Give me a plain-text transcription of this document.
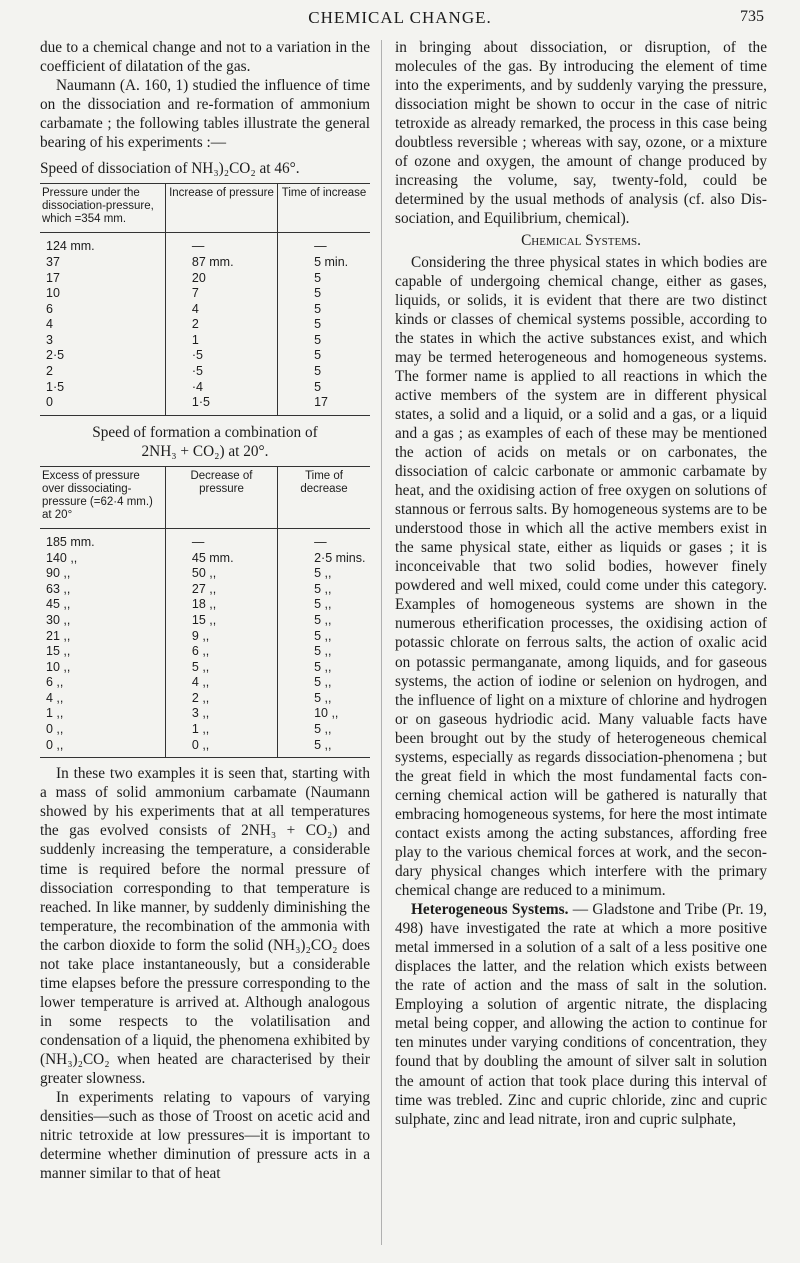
CHEMICAL CHANGE.	735

due to a chemical change and not to a variation in the coefficient of dilatation of the gas.

Naumann (A. 160, 1) studied the influence of time on the dissociation and re-formation of ammonium carbamate ; the following tables illustrate the general bearing of his experiments :—

Speed of dissociation of NH₃)₂CO₂ at 46°.

Pressure under the dissociation-pressure, which =354 mm.	Increase of pressure	Time of increase
124 mm.	—	—
37	87 mm.	5 min.
17	20	5
10	7	5
6	4	5
4	2	5
3	1	5
2·5	·5	5
2	·5	5
1·5	·4	5
0	1·5	17

Speed of formation a combination of
2NH₃ + CO₂) at 20°.

Excess of pressure over dissociating-pressure (=62·4 mm.) at 20°	Decrease of pressure	Time of decrease
185 mm.	—	—
140 ,,	45 mm.	2·5 mins.
90 ,,	50 ,,	5 ,,
63 ,,	27 ,,	5 ,,
45 ,,	18 ,,	5 ,,
30 ,,	15 ,,	5 ,,
21 ,,	9 ,,	5 ,,
15 ,,	6 ,,	5 ,,
10 ,,	5 ,,	5 ,,
6 ,,	4 ,,	5 ,,
4 ,,	2 ,,	5 ,,
1 ,,	3 ,,	10 ,,
0 ,,	1 ,,	5 ,,
0 ,,	0 ,,	5 ,,

In these two examples it is seen that, starting with a mass of solid ammonium carbamate (Naumann showed by his experiments that at all temperatures the gas evolved consists of 2NH₃ + CO₂) and suddenly increasing the temperature, a considerable time is required before the normal pressure of dissociation corresponding to that temperature is reached. In like manner, by suddenly diminishing the temperature, the recombination of the ammonia with the carbon dioxide to form the solid (NH₃)₂CO₂ does not take place instantaneously, but a considerable time elapses before the pressure corresponding to the lower temperature is arrived at. Although analogous in some respects to the volatilisation and condensation of a liquid, the phenomena exhibited by (NH₃)₂CO₂ when heated are characterised by their greater slowness.

In experiments relating to vapours of varying densities—such as those of Troost on acetic acid and nitric tetroxide at low pressures—it is important to determine whether diminution of pressure acts in a manner similar to that of heat

in bringing about dissociation, or disruption, of the molecules of the gas. By introducing the element of time into the experiments, and by suddenly varying the pressure, dissociation might be shown to occur in the case of nitric tetroxide as already remarked, the process in this case being doubtless reversible ; whereas with say, ozone, or a mixture of ozone and oxygen, the amount of change produced by increasing the volume, say, twenty-fold, could be determined by the usual methods of analysis (cf. also Dissociation, and Equilibrium, chemical).

Chemical Systems.

Considering the three physical states in which bodies are capable of undergoing chemical change, either as gases, liquids, or solids, it is evident that there are two distinct kinds or classes of chemical systems possible, according to the states in which the active substances exist, and which may be termed heterogeneous and homogeneous systems. The former name is applied to all reactions in which the active members of the system are in different physical states, a solid and a liquid, or a solid and a gas, or a liquid and a gas ; as examples of each of these may be mentioned the action of acids on metals or on carbonates, the dissociation of calcic carbonate or ammonic carbamate by heat, and the oxidising action of free oxygen on solutions of stannous or ferrous salts. By homogeneous systems are to be understood those in which all the active members exist in the same physical state, either as liquids or gases ; it is inconceivable that two solid bodies, however finely powdered and well mixed, could come under this category. Examples of homogeneous systems are shown in the numerous etherification processes, the oxidising action of potassic chlorate on ferrous salts, the action of oxalic acid on potassic permanganate, among liquids, and for gaseous systems, the action of iodine or selenion on hydrogen, and the influence of light on a mixture of chlorine and hydrogen or on gaseous hydriodic acid. Many valuable facts have been brought out by the study of heterogeneous chemical systems, especially as regards dissociation-phenomena ; but the great field in which the most fundamental facts concerning chemical action will be gathered is naturally that embracing homogeneous systems, for here the most intimate contact exists among the acting substances, affording free play to the various chemical forces at work, and the secondary physical changes which interfere with the primary chemical change are reduced to a minimum.

Heterogeneous Systems. — Gladstone and Tribe (Pr. 19, 498) have investigated the rate at which a more positive metal immersed in a solution of a salt of a less positive one displaces the latter, and the relation which exists between the rate of action and the mass of salt in the solution. Employing a solution of argentic nitrate, the displacing metal being copper, and allowing the action to continue for ten minutes under varying conditions of concentration, they found that by doubling the amount of silver salt in solution the amount of action that took place during this interval of time was trebled. Zinc and cupric chloride, zinc and cupric sulphate, zinc and lead nitrate, iron and cupric sulphate,
